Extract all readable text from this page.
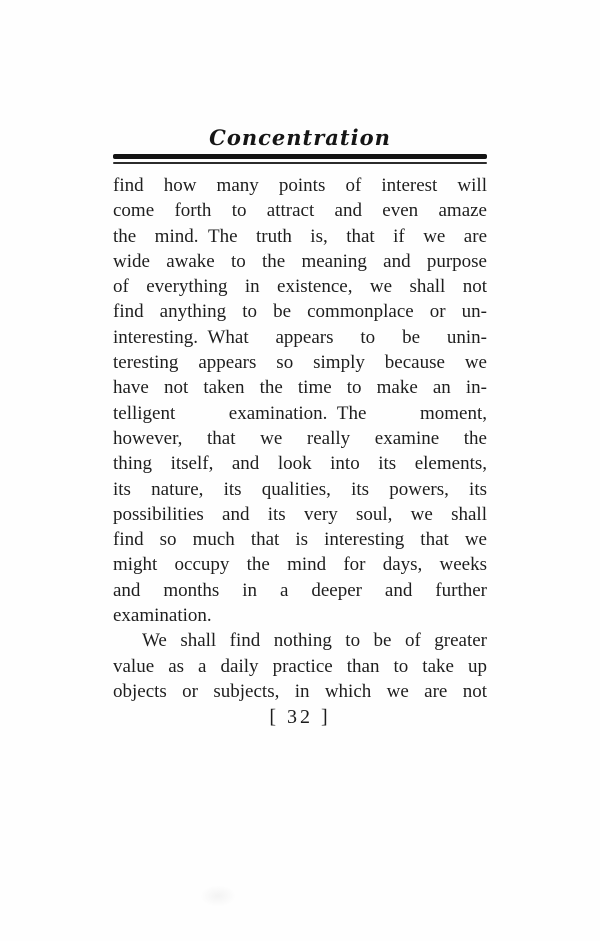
Concentration
find how many points of interest will
come forth to attract and even amaze
the mind. The truth is, that if we are
wide awake to the meaning and purpose
of everything in existence, we shall not
find anything to be commonplace or un-
interesting. What appears to be unin-
teresting appears so simply because we
have not taken the time to make an in-
telligent examination. The moment,
however, that we really examine the
thing itself, and look into its elements,
its nature, its qualities, its powers, its
possibilities and its very soul, we shall
find so much that is interesting that we
might occupy the mind for days, weeks
and months in a deeper and further
examination.
We shall find nothing to be of greater
value as a daily practice than to take up
objects or subjects, in which we are not
[ 32 ]
